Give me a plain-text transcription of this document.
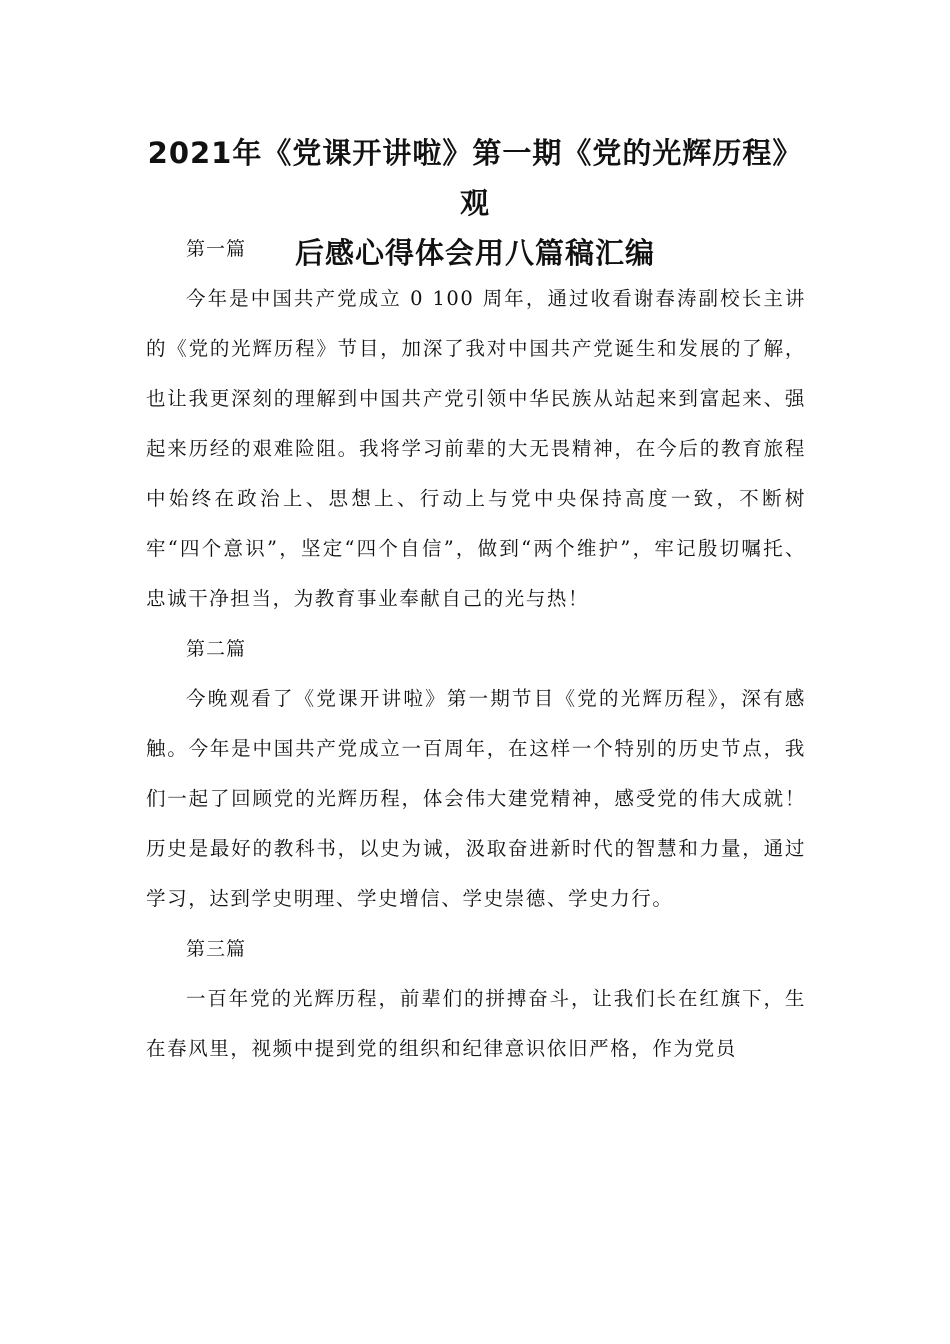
2021年《党课开讲啦》第一期《党的光辉历程》观
后感心得体会用八篇稿汇编

第一篇

今年是中国共产党成立 0 100 周年，通过收看谢春涛副校长主讲的《党的光辉历程》节目，加深了我对中国共产党诞生和发展的了解，也让我更深刻的理解到中国共产党引领中华民族从站起来到富起来、强起来历经的艰难险阻。我将学习前辈的大无畏精神，在今后的教育旅程中始终在政治上、思想上、行动上与党中央保持高度一致，不断树牢“四个意识”，坚定“四个自信”，做到“两个维护”，牢记殷切嘱托、忠诚干净担当，为教育事业奉献自己的光与热！

第二篇

今晚观看了《党课开讲啦》第一期节目《党的光辉历程》，深有感触。今年是中国共产党成立一百周年，在这样一个特别的历史节点，我们一起了回顾党的光辉历程，体会伟大建党精神，感受党的伟大成就！历史是最好的教科书，以史为诫，汲取奋进新时代的智慧和力量，通过学习，达到学史明理、学史增信、学史崇德、学史力行。

第三篇

一百年党的光辉历程，前辈们的拼搏奋斗，让我们长在红旗下，生在春风里，视频中提到党的组织和纪律意识依旧严格，作为党员
